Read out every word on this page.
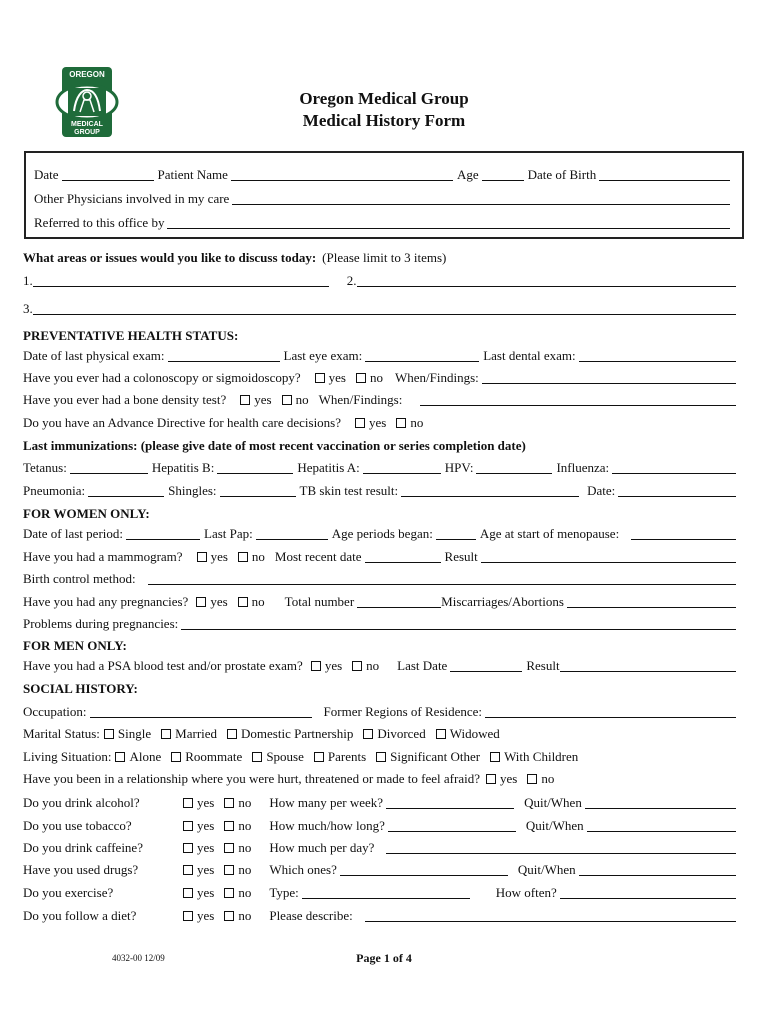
OREGON
MEDICAL
GROUP
Oregon Medical Group
Medical History Form
Date	Patient Name	Age	Date of Birth
Other Physicians involved in my care
Referred to this office by
What areas or issues would you like to discuss today: (Please limit to 3 items)
1.	2.
3.
PREVENTATIVE HEALTH STATUS:
Date of last physical exam:	Last eye exam:	Last dental exam:
Have you ever had a colonoscopy or sigmoidoscopy? yes no When/Findings:
Have you ever had a bone density test? yes no When/Findings:
Do you have an Advance Directive for health care decisions? yes no
Last immunizations: (please give date of most recent vaccination or series completion date)
Tetanus:	Hepatitis B:	Hepatitis A:	HPV:	Influenza:
Pneumonia:	Shingles:	TB skin test result:	Date:
FOR WOMEN ONLY:
Date of last period:	Last Pap:	Age periods began:	Age at start of menopause:
Have you had a mammogram? yes no Most recent date	Result
Birth control method:
Have you had any pregnancies? yes no Total number	Miscarriages/Abortions
Problems during pregnancies:
FOR MEN ONLY:
Have you had a PSA blood test and/or prostate exam? yes no Last Date	Result
SOCIAL HISTORY:
Occupation:	Former Regions of Residence:
Marital Status: Single Married Domestic Partnership Divorced Widowed
Living Situation: Alone Roommate Spouse Parents Significant Other With Children
Have you been in a relationship where you were hurt, threatened or made to feel afraid? yes no
Do you drink alcohol?	yes no How many per week?	Quit/When
Do you use tobacco?	yes no How much/how long?	Quit/When
Do you drink caffeine?	yes no How much per day?
Have you used drugs?	yes no Which ones?	Quit/When
Do you exercise?	yes no Type:	How often?
Do you follow a diet?	yes no Please describe:
4032-00 12/09	Page 1 of 4
